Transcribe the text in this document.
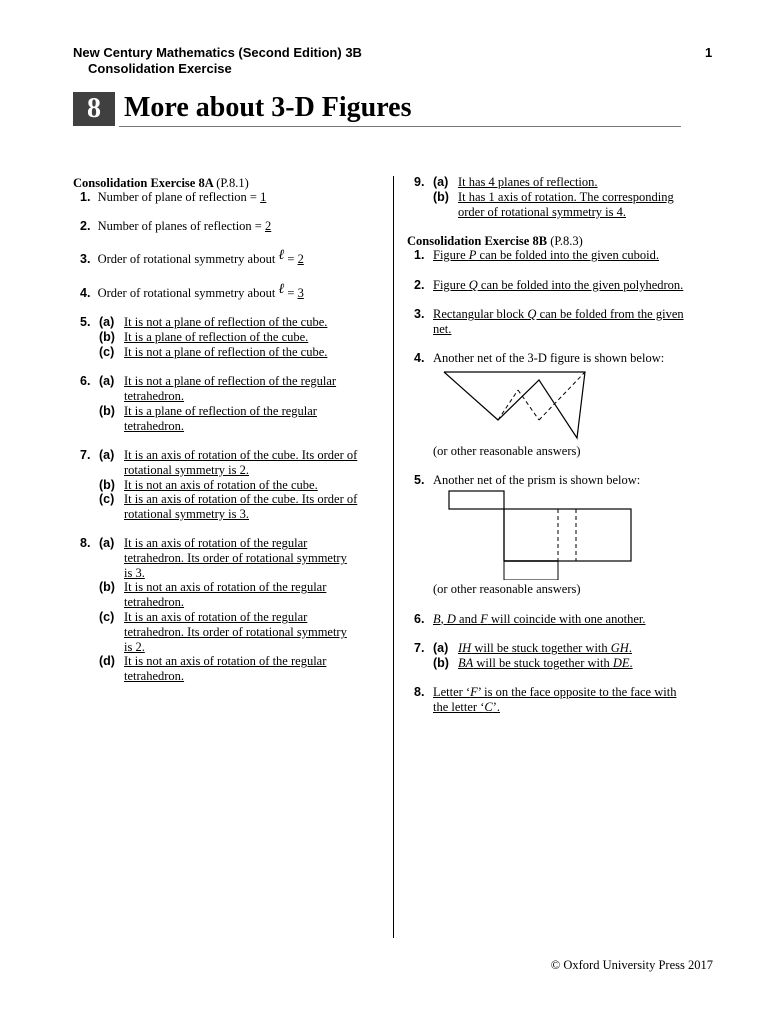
New Century Mathematics (Second Edition) 3B
Consolidation Exercise
1
8 More about 3-D Figures
Consolidation Exercise 8A (P.8.1)
1. Number of plane of reflection = 1
2. Number of planes of reflection = 2
3. Order of rotational symmetry about ℓ = 2
4. Order of rotational symmetry about ℓ = 3
5. (a) It is not a plane of reflection of the cube.
(b) It is a plane of reflection of the cube.
(c) It is not a plane of reflection of the cube.
6. (a) It is not a plane of reflection of the regular
tetrahedron.
(b) It is a plane of reflection of the regular
tetrahedron.
7. (a) It is an axis of rotation of the cube. Its order of
rotational symmetry is 2.
(b) It is not an axis of rotation of the cube.
(c) It is an axis of rotation of the cube. Its order of
rotational symmetry is 3.
8. (a) It is an axis of rotation of the regular
tetrahedron. Its order of rotational symmetry
is 3.
(b) It is not an axis of rotation of the regular
tetrahedron.
(c) It is an axis of rotation of the regular
tetrahedron. Its order of rotational symmetry
is 2.
(d) It is not an axis of rotation of the regular
tetrahedron.
9. (a) It has 4 planes of reflection.
(b) It has 1 axis of rotation. The corresponding
order of rotational symmetry is 4.
Consolidation Exercise 8B (P.8.3)
1. Figure P can be folded into the given cuboid.
2. Figure Q can be folded into the given polyhedron.
3. Rectangular block Q can be folded from the given
net.
4. Another net of the 3-D figure is shown below:
(or other reasonable answers)
5. Another net of the prism is shown below:
(or other reasonable answers)
6. B, D and F will coincide with one another.
7. (a) IH will be stuck together with GH.
(b) BA will be stuck together with DE.
8. Letter ‘F’ is on the face opposite to the face with
the letter ‘C’.
© Oxford University Press 2017
